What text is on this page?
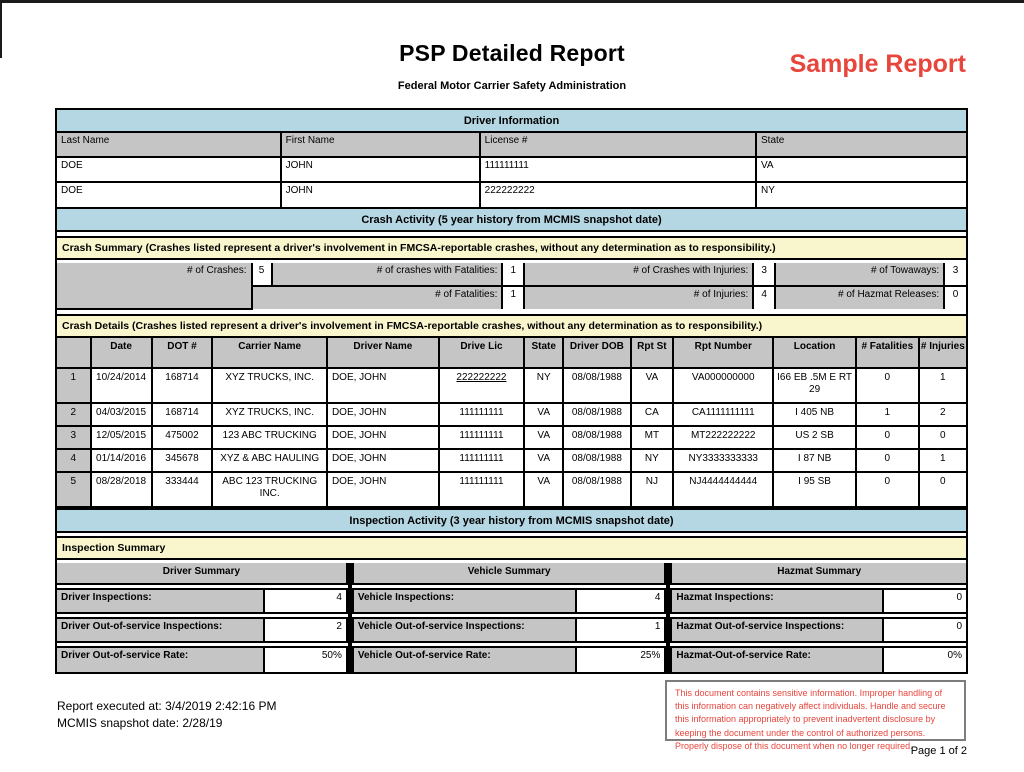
PSP Detailed Report
Federal Motor Carrier Safety Administration
Sample Report
Driver Information
Last Name	First Name	License #	State
DOE	JOHN	111111111	VA
DOE	JOHN	222222222	NY
Crash Activity (5 year history from MCMIS snapshot date)
Crash Summary (Crashes listed represent a driver's involvement in FMCSA-reportable crashes, without any determination as to responsibility.)
# of Crashes:	5	# of crashes with Fatalities:	1	# of Crashes with Injuries:	3	# of Towaways:	3
	# of Fatalities:		1	# of Injuries:	4	# of Hazmat Releases:	0
Crash Details (Crashes listed represent a driver's involvement in FMCSA-reportable crashes, without any determination as to responsibility.)
	Date	DOT #	Carrier Name	Driver Name	Drive Lic	State	Driver DOB	Rpt St	Rpt Number	Location	# Fatalities	# Injuries
1	10/24/2014	168714	XYZ TRUCKS, INC.	DOE, JOHN	222222222	NY	08/08/1988	VA	VA000000000	I66 EB .5M E RT 29	0	1
2	04/03/2015	168714	XYZ TRUCKS, INC.	DOE, JOHN	111111111	VA	08/08/1988	CA	CA1111111111	I 405 NB	1	2
3	12/05/2015	475002	123 ABC TRUCKING	DOE, JOHN	111111111	VA	08/08/1988	MT	MT222222222	US 2 SB	0	0
4	01/14/2016	345678	XYZ & ABC HAULING	DOE, JOHN	111111111	VA	08/08/1988	NY	NY3333333333	I 87 NB	0	1
5	08/28/2018	333444	ABC 123 TRUCKING INC.	DOE, JOHN	111111111	VA	08/08/1988	NJ	NJ4444444444	I 95 SB	0	0
Inspection Activity (3 year history from MCMIS snapshot date)
Inspection Summary
Driver Summary
Driver Inspections:	4
Driver Out-of-service Inspections:	2
Driver Out-of-service Rate:	50%
Vehicle Summary
Vehicle Inspections:	4
Vehicle Out-of-service Inspections:	1
Vehicle Out-of-service Rate:	25%
Hazmat Summary
Hazmat Inspections:	0
Hazmat Out-of-service Inspections:	0
Hazmat-Out-of-service Rate:	0%
Report executed at: 3/4/2019 2:42:16 PM
MCMIS snapshot date: 2/28/19
This document contains sensitive information. Improper handling of this information can negatively affect individuals. Handle and secure this information appropriately to prevent inadvertent disclosure by keeping the document under the control of authorized persons. Properly dispose of this document when no longer required.
Page 1 of 2
